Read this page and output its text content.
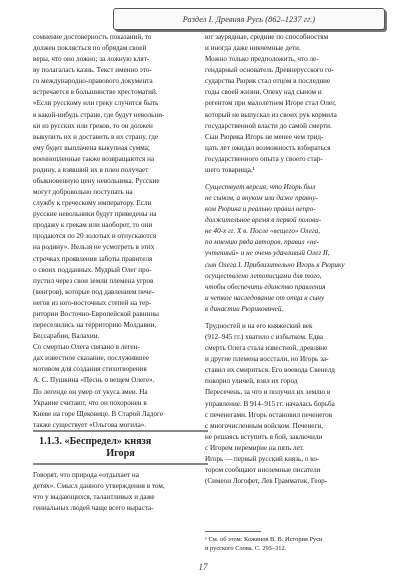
Раздел I. Древняя Русь (862–1237 гг.)
сомнение достоверность показаний, то
должен поклясться по обрядам своей
веры, что оно ложно; за ложную клят-
ву полагалась казнь. Текст именно это-
го международно-правового документа
встречается в большинстве хрестоматий.
«Если русскому или греку случится быть
в какой-нибудь стране, где будут невольни-
ки из русских или греков, то он должен
выкупить их и доставить в их страну, где
ему будет выплачена выкупная сумма;
военнопленные также возвращаются на
родину, а взявший их в плен получает
обыкновенную цену невольника. Русские
могут добровольно поступать на
службу к греческому императору. Если
русские невольники будут приведены на
продажу к грекам или наоборот, то они
продаются по 20 золотых и отпускаются
на родину». Нельзя не усмотреть в этих
строчках проявления заботы правителя
о своих подданных. Мудрый Олег про-
пустил через свои земли племена угров
(венгров), которые под давлением пече-
негов из юго-восточных степей на тер-
ритории Восточно-Европейской равнины
переселились на территорию Молдавии,
Бессарабии, Валахии.
Со смертью Олега связано в леген-
дах известное сказание, послужившее
мотивом для создания стихотворения
А. С. Пушкина «Песнь о вещем Олеге».
По легенде он умер от укуса змеи. На
Украине считают, что он похоронен в
Киеве на горе Щековице. В Старой Ладоге
также существует «Ольгова могила».
1.1.3. «Беспредел» князя
Игоря
Говорят, что природа «отдыхает на
детях». Смысл данного утверждения в том,
что у выдающихся, талантливых и даже
гениальных людей чаще всего выраста-
ют заурядные, средние по способностям
и иногда даже никчемные дети.
Можно только предположить, что ле-
гендарный основатель Древнерусского го-
сударства Рюрик стал отцом в последние
годы своей жизни. Опеку над сыном и
регентом при малолетнем Игоре стал Олег,
который не выпускал из своих рук кормила
государственной власти до самой смерти.
Сын Рюрика Игорь не менее чем трид-
цать лет ожидал возможность взбираться
государственного опыта у своего стар-
шего товарища.¹
Существует версия, что Игорь был
не сыном, а внуком или даже правну-
ком Рюрика и реально правил непро-
должительное время в первой полови-
не 40-х гг. Х в. После «вещего» Олега,
по мнению ряда авторов, правил «не-
учтенный» и не очень удачливый Олег II,
сын Олега I. Приблизительно Игорь к Рюрику
осуществлено летописцами для того,
чтобы обеспечить единство правления
и четкое наследование от отца к сыну
в династии Рюриковичей.
Трудностей и на его княжеский век
(912–945 гг.) хватило с избытком. Едва
смерть Олега стала известной, древляне
и другие племена восстали, но Игорь за-
ставил их смириться. Его воевода Свенелд
покорил уличей, взял их город
Пересечень, за что и получил их землю в
управление. В 914–915 гг. началась борьба
с печенегами. Игорь остановил печенегов
с многочисленным войском. Печенеги,
не решаясь вступить в бой, заключили
с Игорем перемирие на пять лет.
Игорь — первый русский князь, о ко-
тором сообщают иноземные писатели
(Симеон Логофет, Лев Грамматик, Геор-
¹ См. об этом: Кожинов В. В. История Руси
и русского Слова. С. 293–312.
17
